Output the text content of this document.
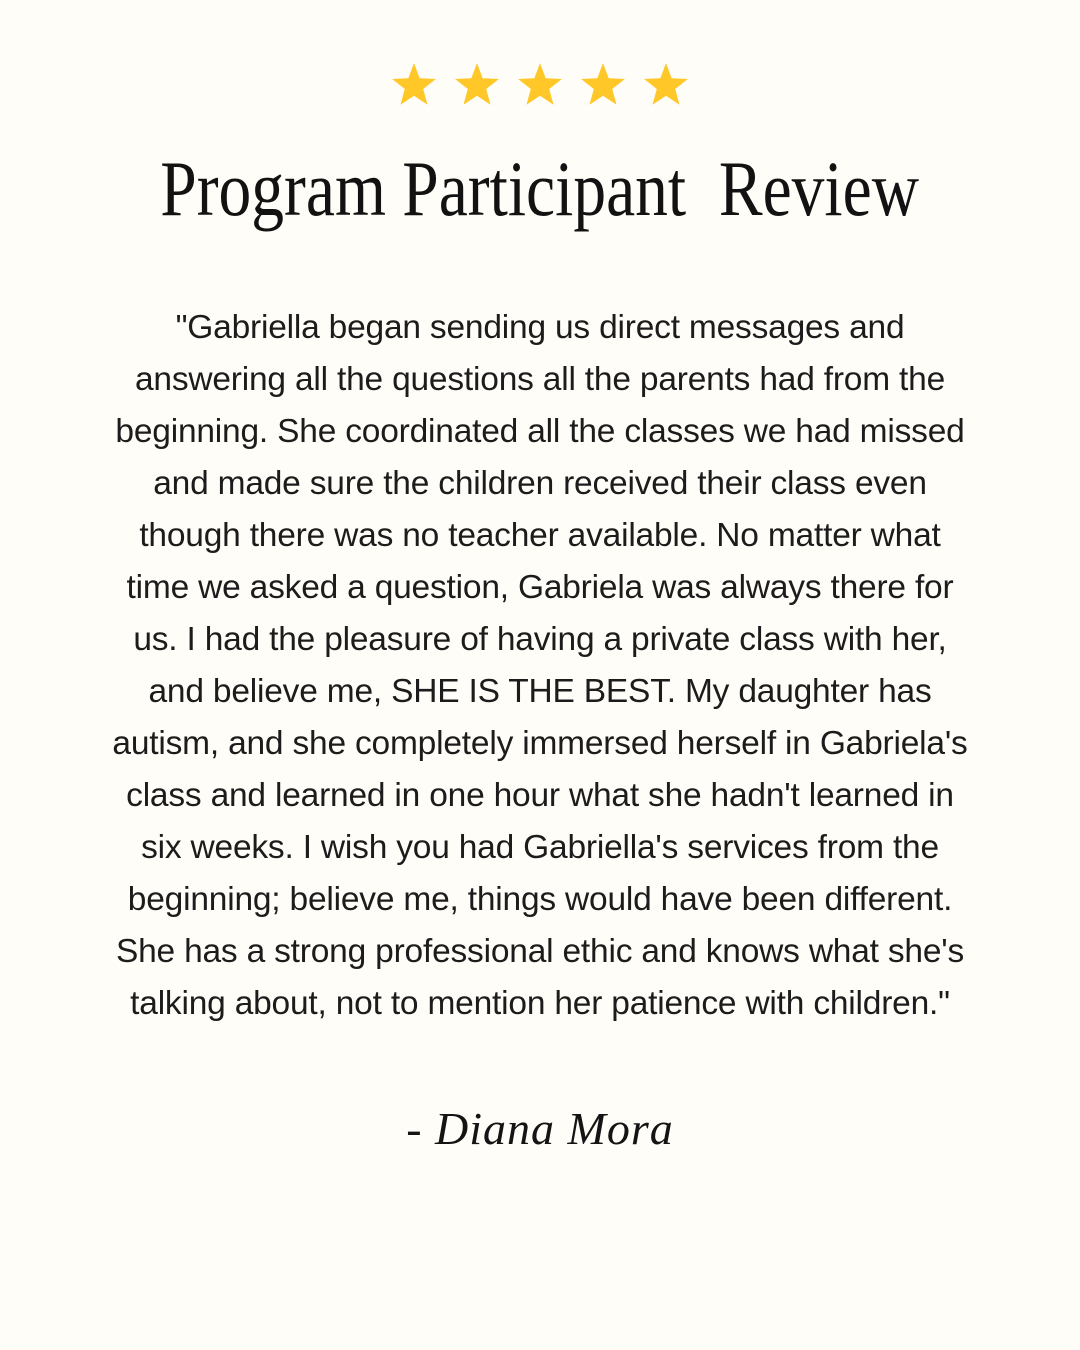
Program Participant  Review

"Gabriella began sending us direct messages and answering all the questions all the parents had from the beginning. She coordinated all the classes we had missed and made sure the children received their class even though there was no teacher available. No matter what time we asked a question, Gabriela was always there for us. I had the pleasure of having a private class with her, and believe me, SHE IS THE BEST. My daughter has autism, and she completely immersed herself in Gabriela's class and learned in one hour what she hadn't learned in six weeks. I wish you had Gabriella's services from the beginning; believe me, things would have been different. She has a strong professional ethic and knows what she's talking about, not to mention her patience with children."

- Diana Mora
